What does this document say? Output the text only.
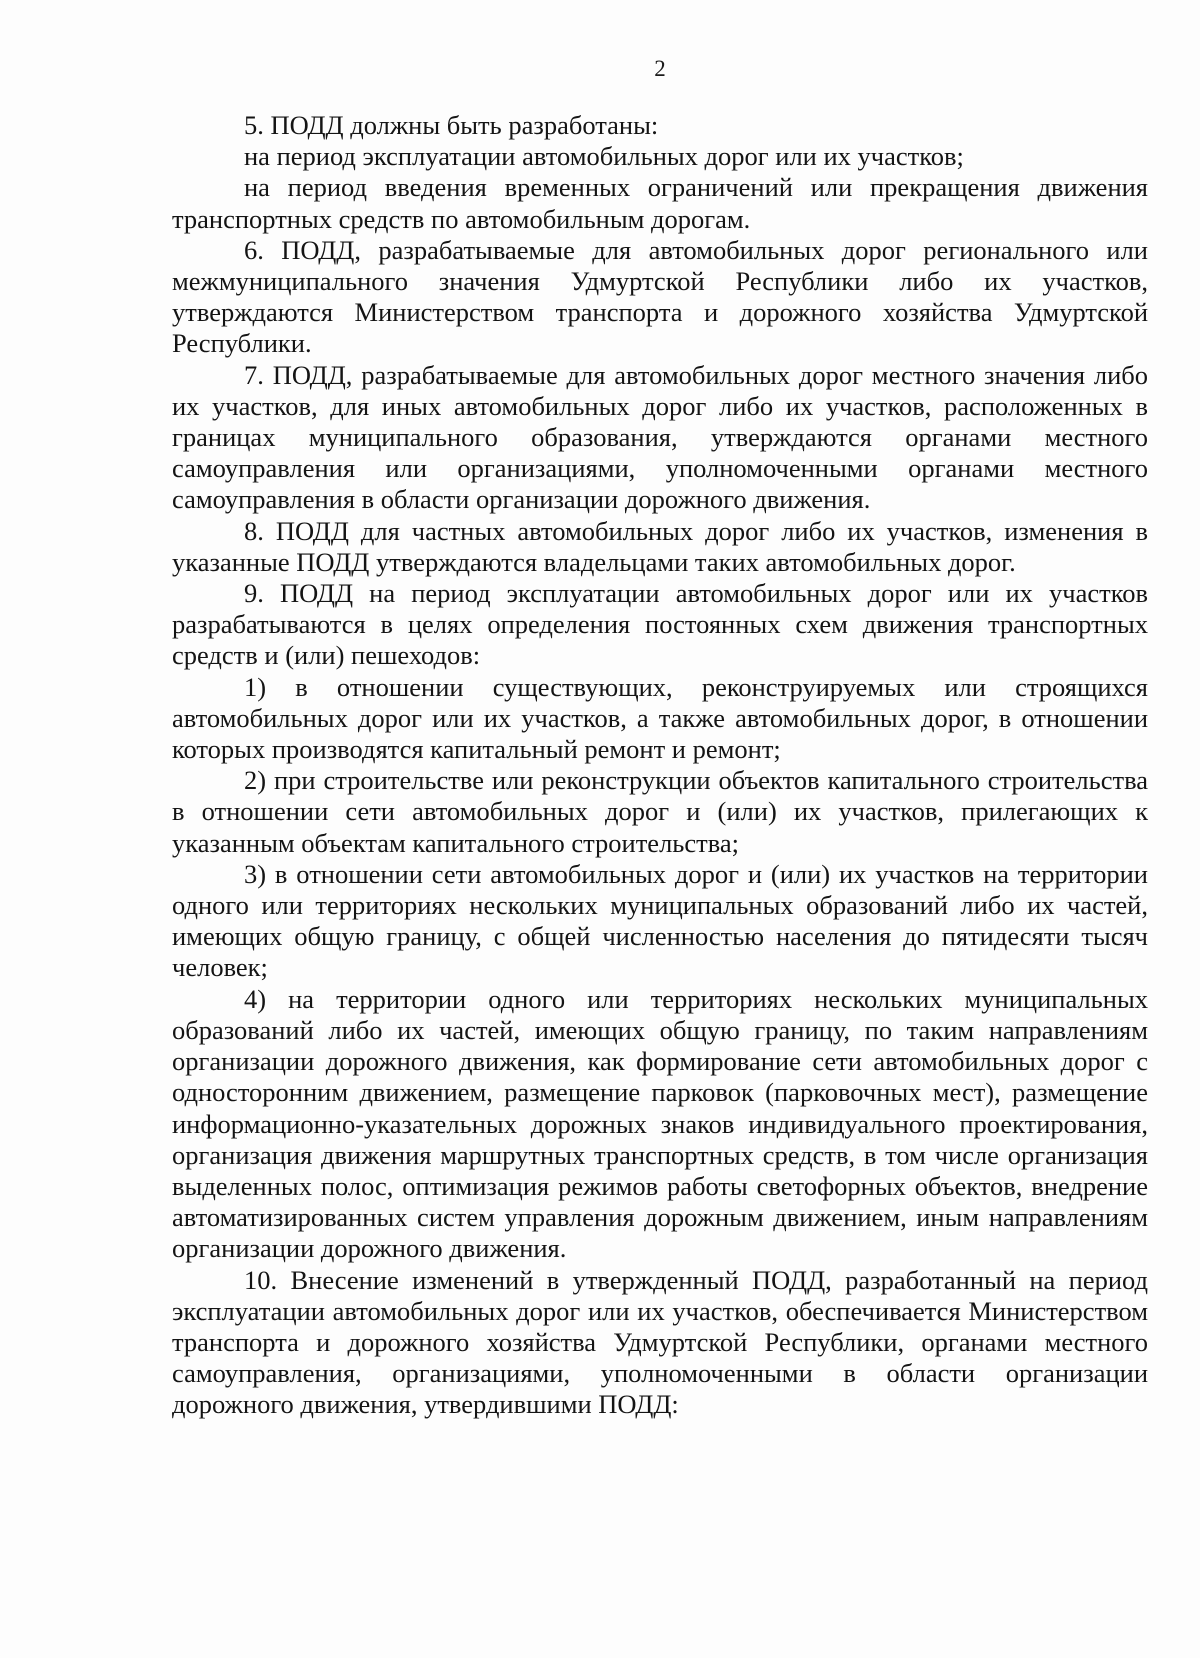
2

5. ПОДД должны быть разработаны:

на период эксплуатации автомобильных дорог или их участков;

на период введения временных ограничений или прекращения движения транспортных средств по автомобильным дорогам.

6. ПОДД, разрабатываемые для автомобильных дорог регионального или межмуниципального значения Удмуртской Республики либо их участков, утверждаются Министерством транспорта и дорожного хозяйства Удмуртской Республики.

7. ПОДД, разрабатываемые для автомобильных дорог местного значения либо их участков, для иных автомобильных дорог либо их участков, расположенных в границах муниципального образования, утверждаются органами местного самоуправления или организациями, уполномоченными органами местного самоуправления в области организации дорожного движения.

8. ПОДД для частных автомобильных дорог либо их участков, изменения в указанные ПОДД утверждаются владельцами таких автомобильных дорог.

9. ПОДД на период эксплуатации автомобильных дорог или их участков разрабатываются в целях определения постоянных схем движения транспортных средств и (или) пешеходов:

1) в отношении существующих, реконструируемых или строящихся автомобильных дорог или их участков, а также автомобильных дорог, в отношении которых производятся капитальный ремонт и ремонт;

2) при строительстве или реконструкции объектов капитального строительства в отношении сети автомобильных дорог и (или) их участков, прилегающих к указанным объектам капитального строительства;

3) в отношении сети автомобильных дорог и (или) их участков на территории одного или территориях нескольких муниципальных образований либо их частей, имеющих общую границу, с общей численностью населения до пятидесяти тысяч человек;

4) на территории одного или территориях нескольких муниципальных образований либо их частей, имеющих общую границу, по таким направлениям организации дорожного движения, как формирование сети автомобильных дорог с односторонним движением, размещение парковок (парковочных мест), размещение информационно-указательных дорожных знаков индивидуального проектирования, организация движения маршрутных транспортных средств, в том числе организация выделенных полос, оптимизация режимов работы светофорных объектов, внедрение автоматизированных систем управления дорожным движением, иным направлениям организации дорожного движения.

10. Внесение изменений в утвержденный ПОДД, разработанный на период эксплуатации автомобильных дорог или их участков, обеспечивается Министерством транспорта и дорожного хозяйства Удмуртской Республики, органами местного самоуправления, организациями, уполномоченными в области организации дорожного движения, утвердившими ПОДД:
